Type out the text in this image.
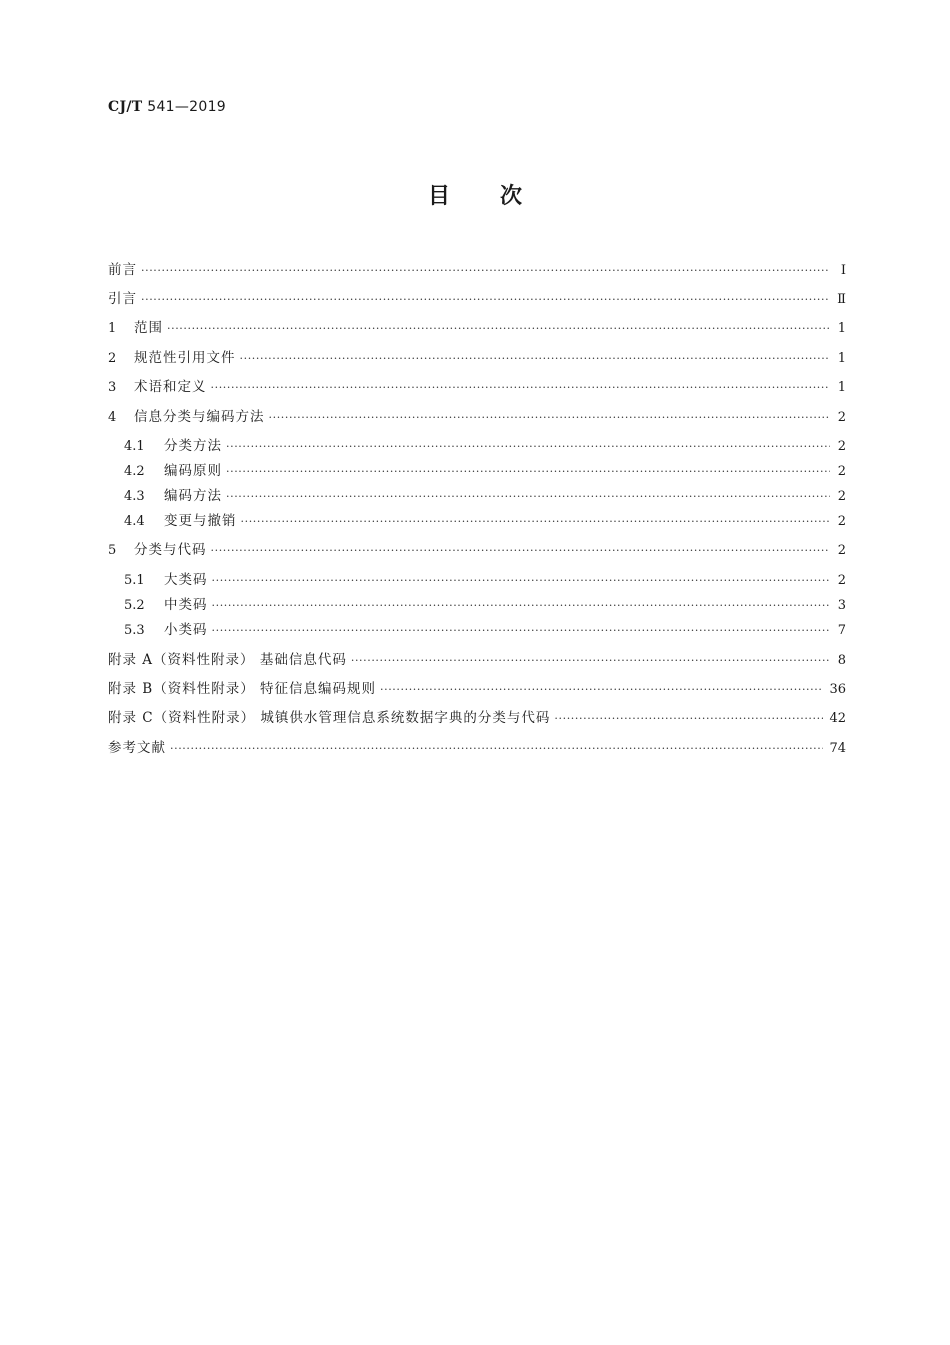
CJ/T 541—2019
目 次
前言 ·····	Ⅰ
引言 ·····	Ⅱ
1	范围 ·····	1
2	规范性引用文件 ·····	1
3	术语和定义 ·····	1
4	信息分类与编码方法 ·····	2
4.1	分类方法 ·····	2
4.2	编码原则 ·····	2
4.3	编码方法 ·····	2
4.4	变更与撤销 ·····	2
5	分类与代码 ·····	2
5.1	大类码 ·····	2
5.2	中类码 ·····	3
5.3	小类码 ·····	7
附录 A（资料性附录） 基础信息代码 ·····	8
附录 B（资料性附录） 特征信息编码规则 ·····	36
附录 C（资料性附录） 城镇供水管理信息系统数据字典的分类与代码 ·····	42
参考文献 ·····	74
